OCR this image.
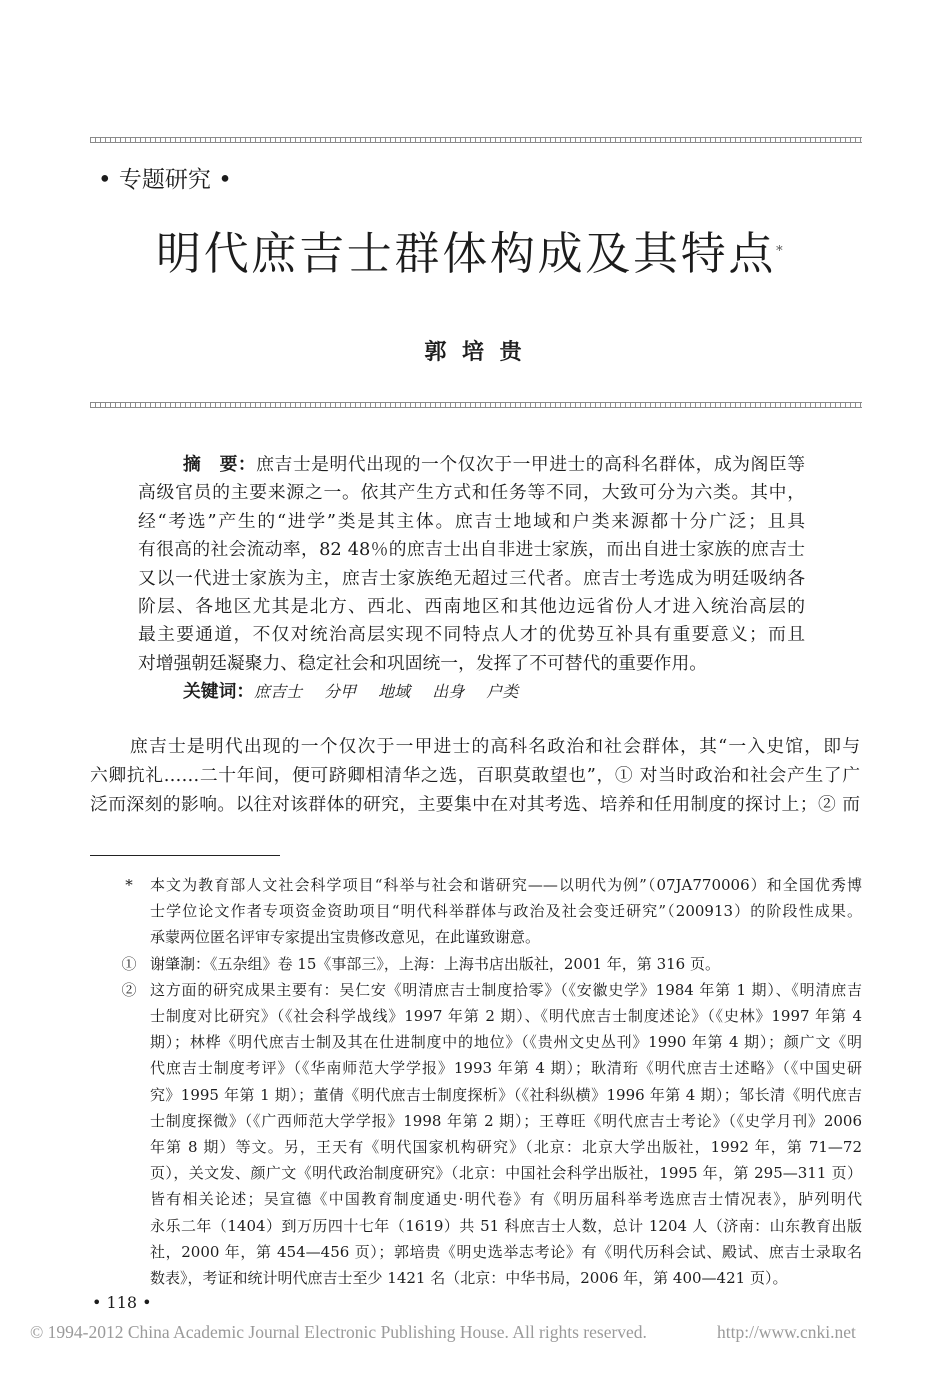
• 专题研究 •
明代庶吉士群体构成及其特点*
郭 培 贵
摘　要：庶吉士是明代出现的一个仅次于一甲进士的高科名群体，成为阁臣等
高级官员的主要来源之一。依其产生方式和任务等不同，大致可分为六类。其中，
经“考选”产生的“进学”类是其主体。庶吉士地域和户类来源都十分广泛；且具
有很高的社会流动率，82 48％的庶吉士出自非进士家族，而出自进士家族的庶吉士
又以一代进士家族为主，庶吉士家族绝无超过三代者。庶吉士考选成为明廷吸纳各
阶层、各地区尤其是北方、西北、西南地区和其他边远省份人才进入统治高层的
最主要通道，不仅对统治高层实现不同特点人才的优势互补具有重要意义；而且
对增强朝廷凝聚力、稳定社会和巩固统一，发挥了不可替代的重要作用。
关键词：庶吉士 分甲 地域 出身 户类
庶吉士是明代出现的一个仅次于一甲进士的高科名政治和社会群体，其“一入史馆，即与
六卿抗礼……二十年间，便可跻卿相清华之选，百职莫敢望也”，① 对当时政治和社会产生了广
泛而深刻的影响。以往对该群体的研究，主要集中在对其考选、培养和任用制度的探讨上；② 而
*	本文为教育部人文社会科学项目“科举与社会和谐研究——以明代为例”（07JA770006）和全国优秀博
士学位论文作者专项资金资助项目“明代科举群体与政治及社会变迁研究”（200913）的阶段性成果。
承蒙两位匿名评审专家提出宝贵修改意见，在此谨致谢意。
① 谢肇淛：《五杂组》卷 15《事部三》，上海：上海书店出版社，2001 年，第 316 页。
② 这方面的研究成果主要有：吴仁安《明清庶吉士制度拾零》（《安徽史学》1984 年第 1 期）、《明清庶吉
士制度对比研究》（《社会科学战线》1997 年第 2 期）、《明代庶吉士制度述论》（《史林》1997 年第 4
期）；林桦《明代庶吉士制及其在仕进制度中的地位》（《贵州文史丛刊》1990 年第 4 期）；颜广文《明
代庶吉士制度考评》（《华南师范大学学报》1993 年第 4 期）；耿清珩《明代庶吉士述略》（《中国史研
究》1995 年第 1 期）；董倩《明代庶吉士制度探析》（《社科纵横》1996 年第 4 期）；邹长清《明代庶吉
士制度探微》（《广西师范大学学报》1998 年第 2 期）；王尊旺《明代庶吉士考论》（《史学月刊》2006
年第 8 期）等文。另，王天有《明代国家机构研究》（北京：北京大学出版社，1992 年，第 71—72
页），关文发、颜广文《明代政治制度研究》（北京：中国社会科学出版社，1995 年，第 295—311 页）
皆有相关论述；吴宣德《中国教育制度通史·明代卷》有《明历届科举考选庶吉士情况表》，胪列明代
永乐二年（1404）到万历四十七年（1619）共 51 科庶吉士人数，总计 1204 人（济南：山东教育出版
社，2000 年，第 454—456 页）；郭培贵《明史选举志考论》有《明代历科会试、殿试、庶吉士录取名
数表》，考证和统计明代庶吉士至少 1421 名（北京：中华书局，2006 年，第 400—421 页）。
• 118 •
© 1994-2012 China Academic Journal Electronic Publishing House. All rights reserved.	http://www.cnki.net
